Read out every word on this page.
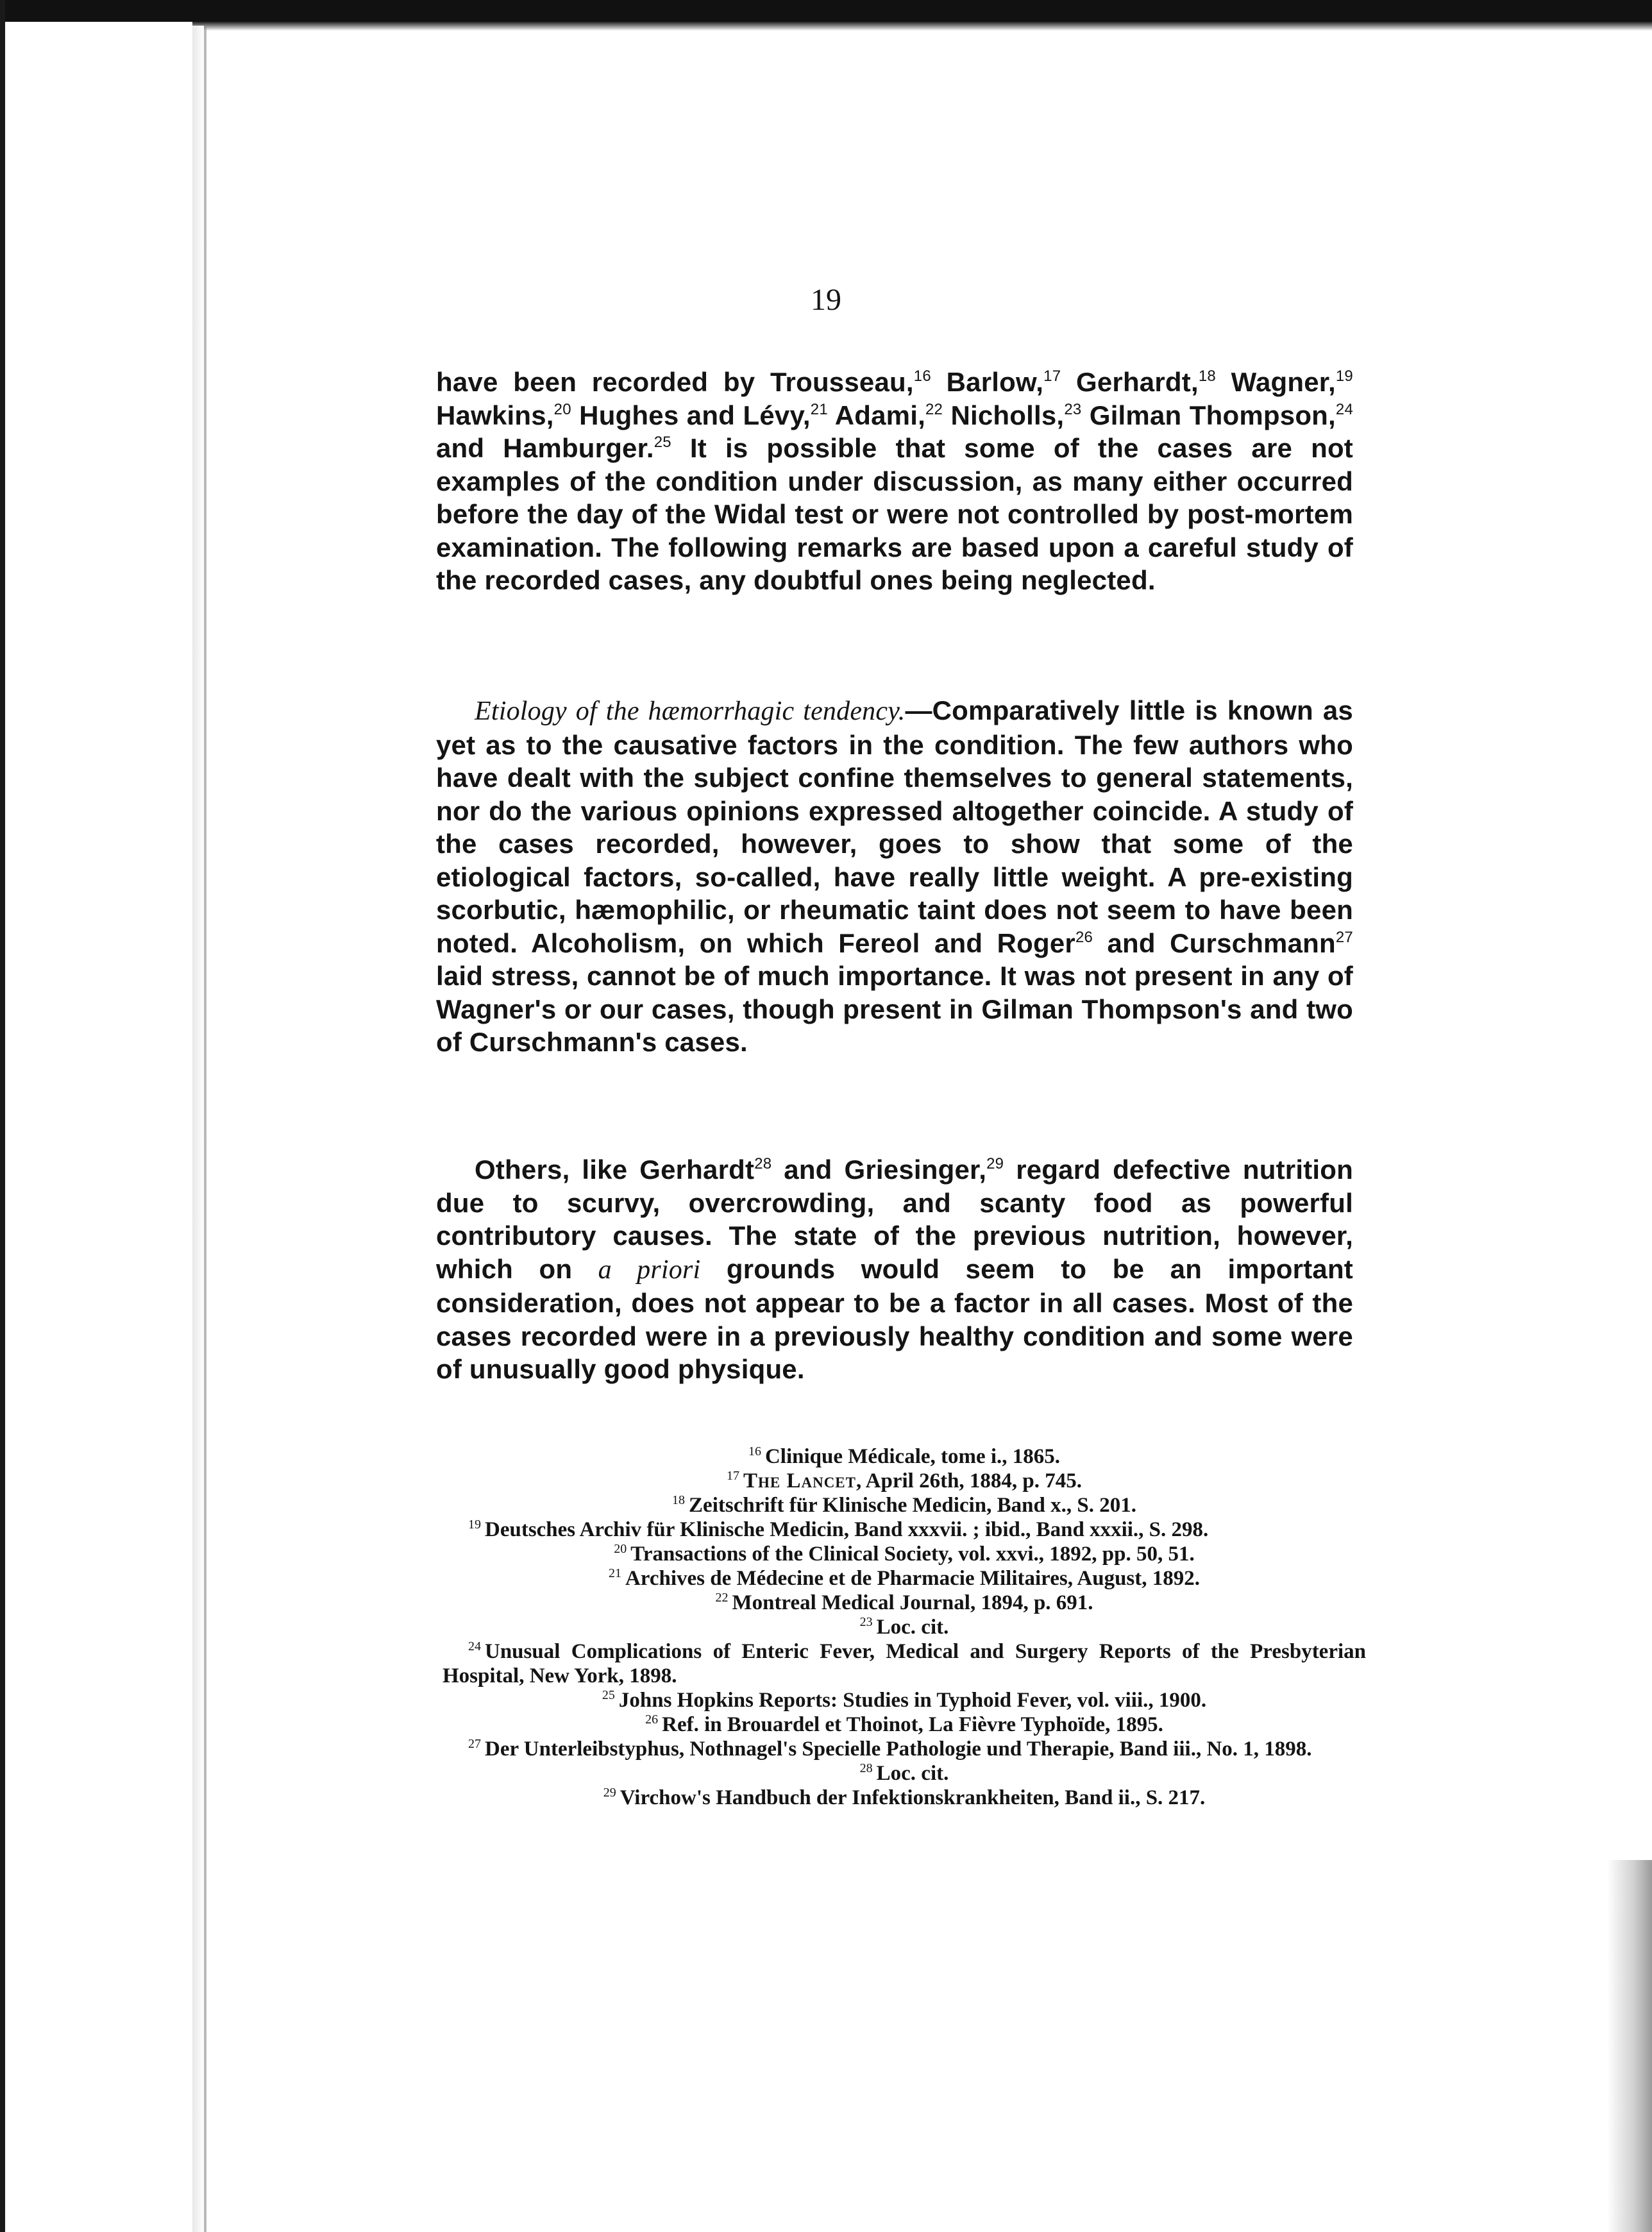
19

have been recorded by Trousseau,$^{16}$ Barlow,$^{17}$ Gerhardt,$^{18}$ Wagner,$^{19}$ Hawkins,$^{20}$ Hughes and Lévy,$^{21}$ Adami,$^{22}$ Nicholls,$^{23}$ Gilman Thompson,$^{24}$ and Hamburger.$^{25}$ It is possible that some of the cases are not examples of the condition under discussion, as many either occurred before the day of the Widal test or were not controlled by post-mortem examination. The following remarks are based upon a careful study of the recorded cases, any doubtful ones being neglected.

Etiology of the hæmorrhagic tendency.—Comparatively little is known as yet as to the causative factors in the condition. The few authors who have dealt with the subject confine themselves to general statements, nor do the various opinions expressed altogether coincide. A study of the cases recorded, however, goes to show that some of the etiological factors, so-called, have really little weight. A pre-existing scorbutic, hæmophilic, or rheumatic taint does not seem to have been noted. Alcoholism, on which Fereol and Roger$^{26}$ and Curschmann$^{27}$ laid stress, cannot be of much importance. It was not present in any of Wagner's or our cases, though present in Gilman Thompson's and two of Curschmann's cases.

Others, like Gerhardt$^{28}$ and Griesinger,$^{29}$ regard defective nutrition due to scurvy, overcrowding, and scanty food as powerful contributory causes. The state of the previous nutrition, however, which on a priori grounds would seem to be an important consideration, does not appear to be a factor in all cases. Most of the cases recorded were in a previously healthy condition and some were of unusually good physique.

$^{16}$ Clinique Médicale, tome i., 1865.

$^{17}$ The Lancet, April 26th, 1884, p. 745.

$^{18}$ Zeitschrift für Klinische Medicin, Band x., S. 201.

$^{19}$ Deutsches Archiv für Klinische Medicin, Band xxxvii. ; ibid., Band xxxii., S. 298.

$^{20}$ Transactions of the Clinical Society, vol. xxvi., 1892, pp. 50, 51.

$^{21}$ Archives de Médecine et de Pharmacie Militaires, August, 1892.

$^{22}$ Montreal Medical Journal, 1894, p. 691.

$^{23}$ Loc. cit.

$^{24}$ Unusual Complications of Enteric Fever, Medical and Surgery Reports of the Presbyterian Hospital, New York, 1898.

$^{25}$ Johns Hopkins Reports: Studies in Typhoid Fever, vol. viii., 1900.

$^{26}$ Ref. in Brouardel et Thoinot, La Fièvre Typhoïde, 1895.

$^{27}$ Der Unterleibstyphus, Nothnagel's Specielle Pathologie und Therapie, Band iii., No. 1, 1898.

$^{28}$ Loc. cit.

$^{29}$ Virchow's Handbuch der Infektionskrankheiten, Band ii., S. 217.
